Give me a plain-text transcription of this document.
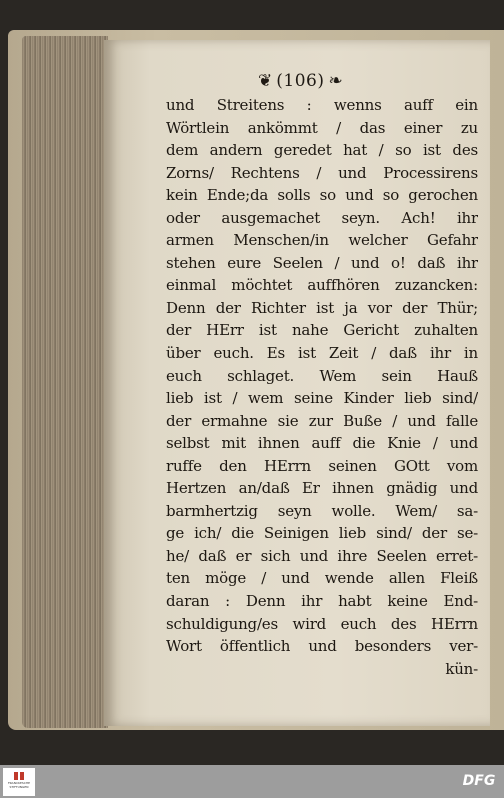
❦ (106) ❧
und Streitens : wenns auff ein
Wörtlein ankömmt / das einer zu
dem andern geredet hat / so ist des
Zorns/ Rechtens / und Processirens
kein Ende;da solls so und so gerochen
oder ausgemachet seyn. Ach! ihr
armen Menschen/in welcher Gefahr
stehen eure Seelen / und o! daß ihr
einmal möchtet auffhören zuzancken:
Denn der Richter ist ja vor der Thür;
der HErr ist nahe Gericht zuhalten
über euch. Es ist Zeit / daß ihr in
euch schlaget. Wem sein Hauß
lieb ist / wem seine Kinder lieb sind/
der ermahne sie zur Buße / und falle
selbst mit ihnen auff die Knie / und
ruffe den HErrn seinen GOtt vom
Hertzen an/daß Er ihnen gnädig und
barmhertzig seyn wolle. Wem/ sa-
ge ich/ die Seinigen lieb sind/ der se-
he/ daß er sich und ihre Seelen erret-
ten möge / und wende allen Fleiß
daran : Denn ihr habt keine End-
schuldigung/es wird euch des HErrn
Wort öffentlich und besonders ver-
kün-
FRANCKESCHE
STIFTUNGEN	DFG
